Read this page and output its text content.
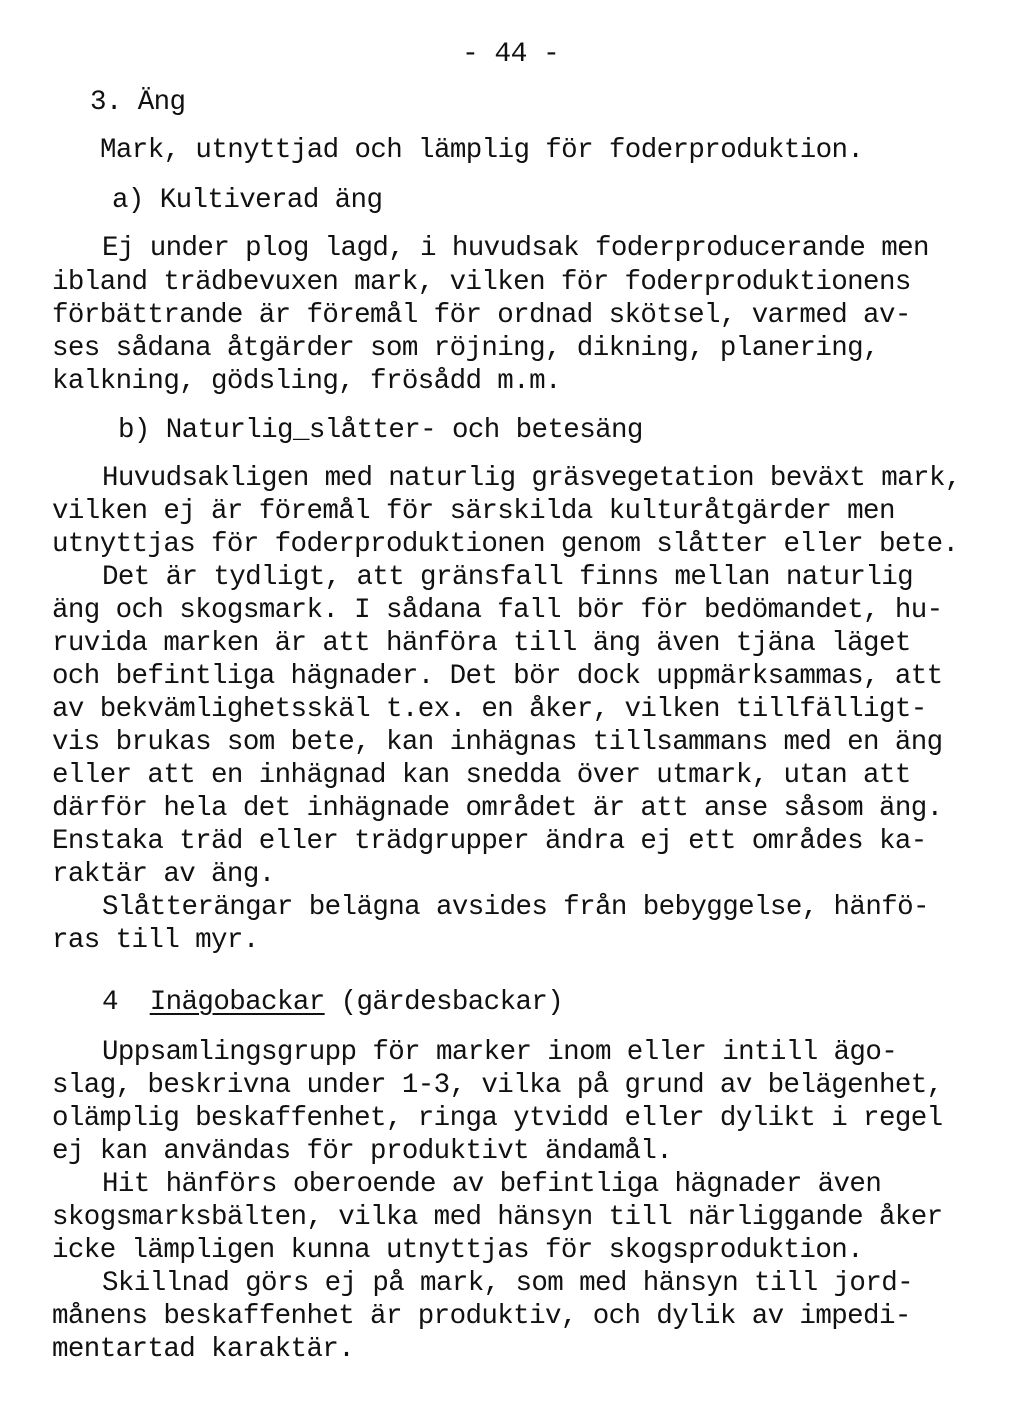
- 44 -
3. Äng
Mark, utnyttjad och lämplig för foderproduktion.
a) Kultiverad äng
Ej under plog lagd, i huvudsak foderproducerande men
ibland trädbevuxen mark, vilken för foderproduktionens
förbättrande är föremål för ordnad skötsel, varmed av-
ses sådana åtgärder som röjning, dikning, planering,
kalkning, gödsling, frösådd m.m.
b) Naturlig_slåtter- och betesäng
Huvudsakligen med naturlig gräsvegetation beväxt mark,
vilken ej är föremål för särskilda kulturåtgärder men
utnyttjas för foderproduktionen genom slåtter eller bete.
Det är tydligt, att gränsfall finns mellan naturlig
äng och skogsmark. I sådana fall bör för bedömandet, hu-
ruvida marken är att hänföra till äng även tjäna läget
och befintliga hägnader. Det bör dock uppmärksammas, att
av bekvämlighetsskäl t.ex. en åker, vilken tillfälligt-
vis brukas som bete, kan inhägnas tillsammans med en äng
eller att en inhägnad kan snedda över utmark, utan att
därför hela det inhägnade området är att anse såsom äng.
Enstaka träd eller trädgrupper ändra ej ett områdes ka-
raktär av äng.
Slåtterängar belägna avsides från bebyggelse, hänfö-
ras till myr.
4 Inägobackar (gärdesbackar)
Uppsamlingsgrupp för marker inom eller intill ägo-
slag, beskrivna under 1-3, vilka på grund av belägenhet,
olämplig beskaffenhet, ringa ytvidd eller dylikt i regel
ej kan användas för produktivt ändamål.
Hit hänförs oberoende av befintliga hägnader även
skogsmarksbälten, vilka med hänsyn till närliggande åker
icke lämpligen kunna utnyttjas för skogsproduktion.
Skillnad görs ej på mark, som med hänsyn till jord-
månens beskaffenhet är produktiv, och dylik av impedi-
mentartad karaktär.
